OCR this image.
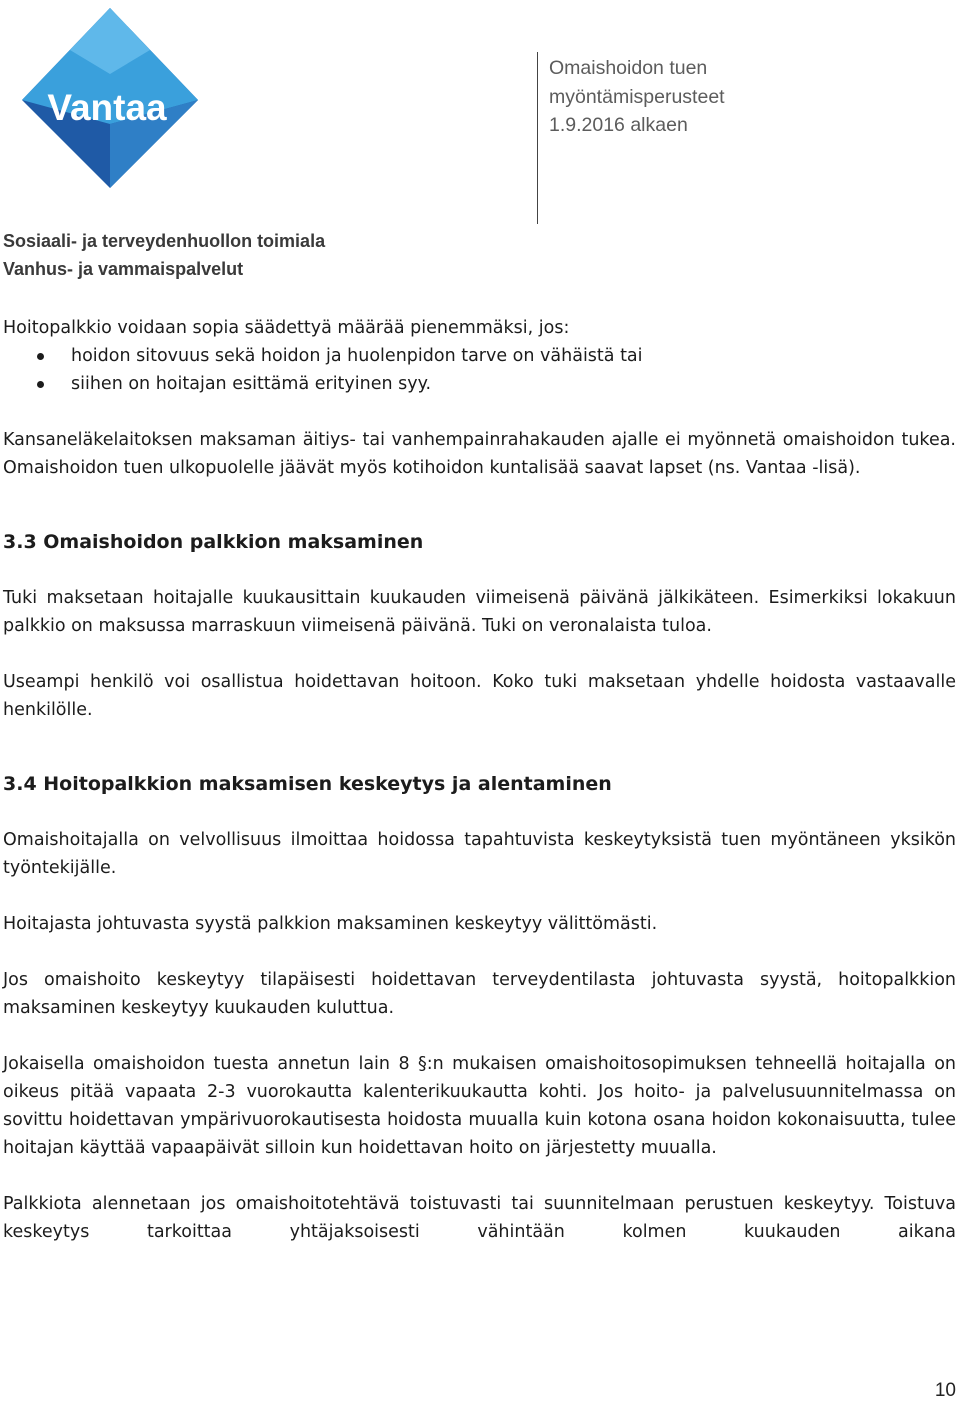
Vantaa
Omaishoidon tuen
myöntämisperusteet
1.9.2016 alkaen
Sosiaali- ja terveydenhuollon toimiala
Vanhus- ja vammaispalvelut

Hoitopalkkio voidaan sopia säädettyä määrää pienemmäksi, jos:

hoidon sitovuus sekä hoidon ja huolenpidon tarve on vähäistä tai
siihen on hoitajan esittämä erityinen syy.

Kansaneläkelaitoksen maksaman äitiys- tai vanhempainrahakauden ajalle ei myönnetä omaishoidon tukea. Omaishoidon tuen ulkopuolelle jäävät myös kotihoidon kuntalisää saavat lapset (ns. Vantaa -lisä).

3.3 Omaishoidon palkkion maksaminen

Tuki maksetaan hoitajalle kuukausittain kuukauden viimeisenä päivänä jälkikäteen. Esimerkiksi lokakuun palkkio on maksussa marraskuun viimeisenä päivänä. Tuki on veronalaista tuloa.

Useampi henkilö voi osallistua hoidettavan hoitoon. Koko tuki maksetaan yhdelle hoidosta vastaavalle henkilölle.

3.4 Hoitopalkkion maksamisen keskeytys ja alentaminen

Omaishoitajalla on velvollisuus ilmoittaa hoidossa tapahtuvista keskeytyksistä tuen myöntäneen yksikön työntekijälle.

Hoitajasta johtuvasta syystä palkkion maksaminen keskeytyy välittömästi.

Jos omaishoito keskeytyy tilapäisesti hoidettavan terveydentilasta johtuvasta syystä, hoitopalkkion maksaminen keskeytyy kuukauden kuluttua.

Jokaisella omaishoidon tuesta annetun lain 8 §:n mukaisen omaishoitosopimuksen tehneellä hoitajalla on oikeus pitää vapaata 2-3 vuorokautta kalenterikuukautta kohti. Jos hoito- ja palvelusuunnitelmassa on sovittu hoidettavan ympärivuorokautisesta hoidosta muualla kuin kotona osana hoidon kokonaisuutta, tulee hoitajan käyttää vapaapäivät silloin kun hoidettavan hoito on järjestetty muualla.

Palkkiota alennetaan jos omaishoitotehtävä toistuvasti tai suunnitelmaan perustuen keskeytyy. Toistuva keskeytys tarkoittaa yhtäjaksoisesti vähintään kolmen kuukauden aikana

10
